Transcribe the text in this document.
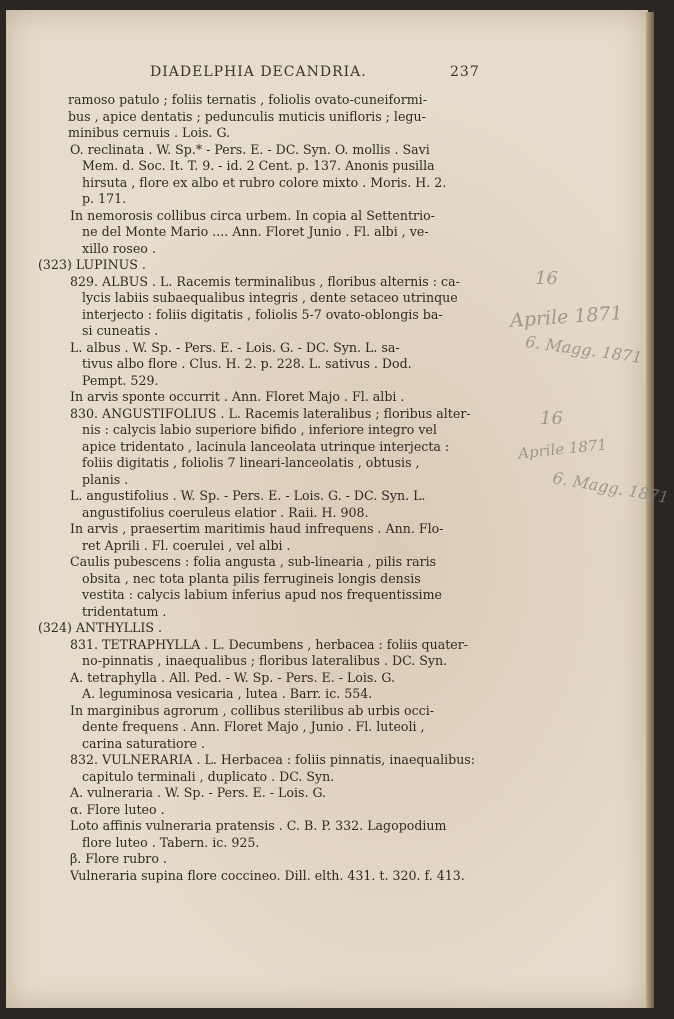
DIADELPHIA DECANDRIA.	237
ramoso patulo ; foliis ternatis , foliolis ovato-cuneiformi-
bus , apice dentatis ; pedunculis muticis unifloris ; legu-
minibus cernuis . Lois. G.
O. reclinata . W. Sp.* - Pers. E. - DC. Syn. O. mollis . Savi
Mem. d. Soc. It. T. 9. - id. 2 Cent. p. 137. Anonis pusilla
hirsuta , flore ex albo et rubro colore mixto . Moris. H. 2.
p. 171.
In nemorosis collibus circa urbem. In copia al Settentrio-
ne del Monte Mario .... Ann. Floret Junio . Fl. albi , ve-
xillo roseo .
(323) LUPINUS .
829. ALBUS . L. Racemis terminalibus , floribus alternis : ca-
lycis labiis subaequalibus integris , dente setaceo utrinque
interjecto : foliis digitatis , foliolis 5-7 ovato-oblongis ba-
si cuneatis .
L. albus . W. Sp. - Pers. E. - Lois. G. - DC. Syn. L. sa-
tivus albo flore . Clus. H. 2. p. 228. L. sativus . Dod.
Pempt. 529.
In arvis sponte occurrit . Ann. Floret Majo . Fl. albi .
830. ANGUSTIFOLIUS . L. Racemis lateralibus ; floribus alter-
nis : calycis labio superiore bifido , inferiore integro vel
apice tridentato , lacinula lanceolata utrinque interjecta :
foliis digitatis , foliolis 7 lineari-lanceolatis , obtusis ,
planis .
L. angustifolius . W. Sp. - Pers. E. - Lois. G. - DC. Syn. L.
angustifolius coeruleus elatior . Raii. H. 908.
In arvis , praesertim maritimis haud infrequens . Ann. Flo-
ret Aprili . Fl. coerulei , vel albi .
Caulis pubescens : folia angusta , sub-linearia , pilis raris
obsita , nec tota planta pilis ferrugineis longis densis
vestita : calycis labium inferius apud nos frequentissime
tridentatum .
(324) ANTHYLLIS .
831. TETRAPHYLLA . L. Decumbens , herbacea : foliis quater-
no-pinnatis , inaequalibus ; floribus lateralibus . DC. Syn.
A. tetraphylla . All. Ped. - W. Sp. - Pers. E. - Lois. G.
A. leguminosa vesicaria , lutea . Barr. ic. 554.
In marginibus agrorum , collibus sterilibus ab urbis occi-
dente frequens . Ann. Floret Majo , Junio . Fl. luteoli ,
carina saturatiore .
832. VULNERARIA . L. Herbacea : foliis pinnatis, inaequalibus:
capitulo terminali , duplicato . DC. Syn.
A. vulneraria . W. Sp. - Pers. E. - Lois. G.
α. Flore luteo .
Loto affinis vulneraria pratensis . C. B. P. 332. Lagopodium
flore luteo . Tabern. ic. 925.
β. Flore rubro .
Vulneraria supina flore coccineo. Dill. elth. 431. t. 320. f. 413.
16
Aprile 1871
6. Magg. 1871
16
Aprile 1871
6. Magg. 1871
